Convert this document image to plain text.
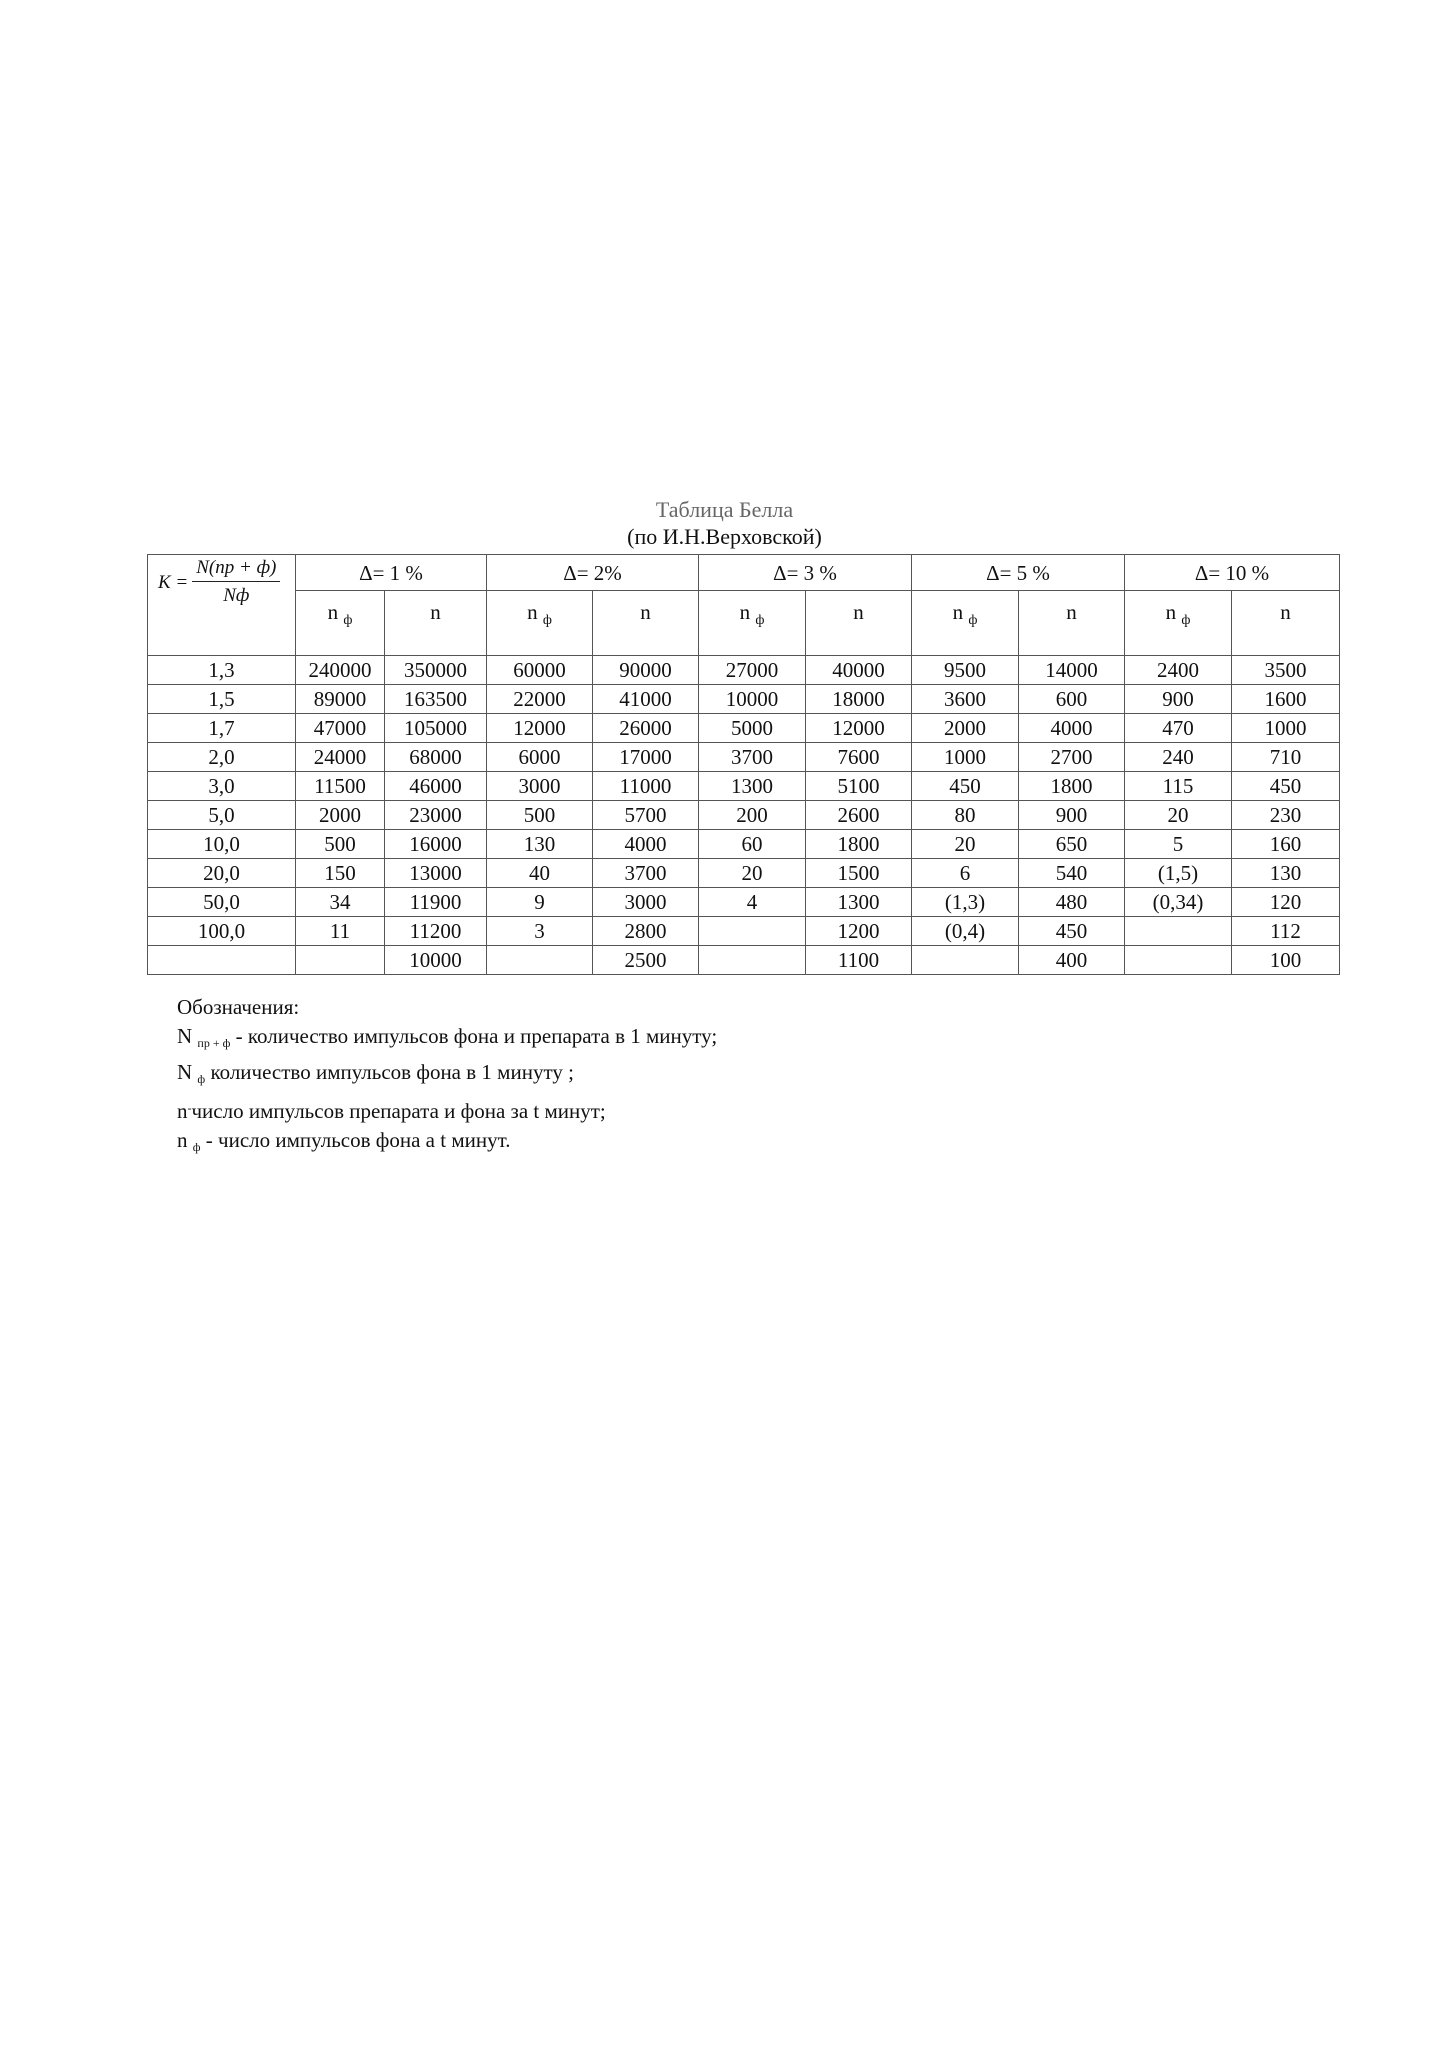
Таблица Белла
(по И.Н.Верховской)
$K = \frac{N(пр + ф)}{Nф}$	Δ= 1 %		Δ= 2%		Δ= 3 %		Δ= 5 %		Δ= 10 %	
	n $_ф$	n	n $_ф$	n	n $_ф$	n	n $_ф$	n	n $_ф$	n
1,3	240000	350000	60000	90000	27000	40000	9500	14000	2400	3500
1,5	89000	163500	22000	41000	10000	18000	3600	600	900	1600
1,7	47000	105000	12000	26000	5000	12000	2000	4000	470	1000
2,0	24000	68000	6000	17000	3700	7600	1000	2700	240	710
3,0	11500	46000	3000	11000	1300	5100	450	1800	115	450
5,0	2000	23000	500	5700	200	2600	80	900	20	230
10,0	500	16000	130	4000	60	1800	20	650	5	160
20,0	150	13000	40	3700	20	1500	6	540	(1,5)	130
50,0	34	11900	9	3000	4	1300	(1,3)	480	(0,34)	120
100,0	11	11200	3	2800		1200	(0,4)	450		112
		10000		2500		1100		400		100
Обозначения:
N пр + ф - количество импульсов фона и препарата в 1 минуту;
N ф количество импульсов фона в 1 минуту ;
n-число импульсов препарата и фона за t минут;
n ф - число импульсов фона а t минут.
